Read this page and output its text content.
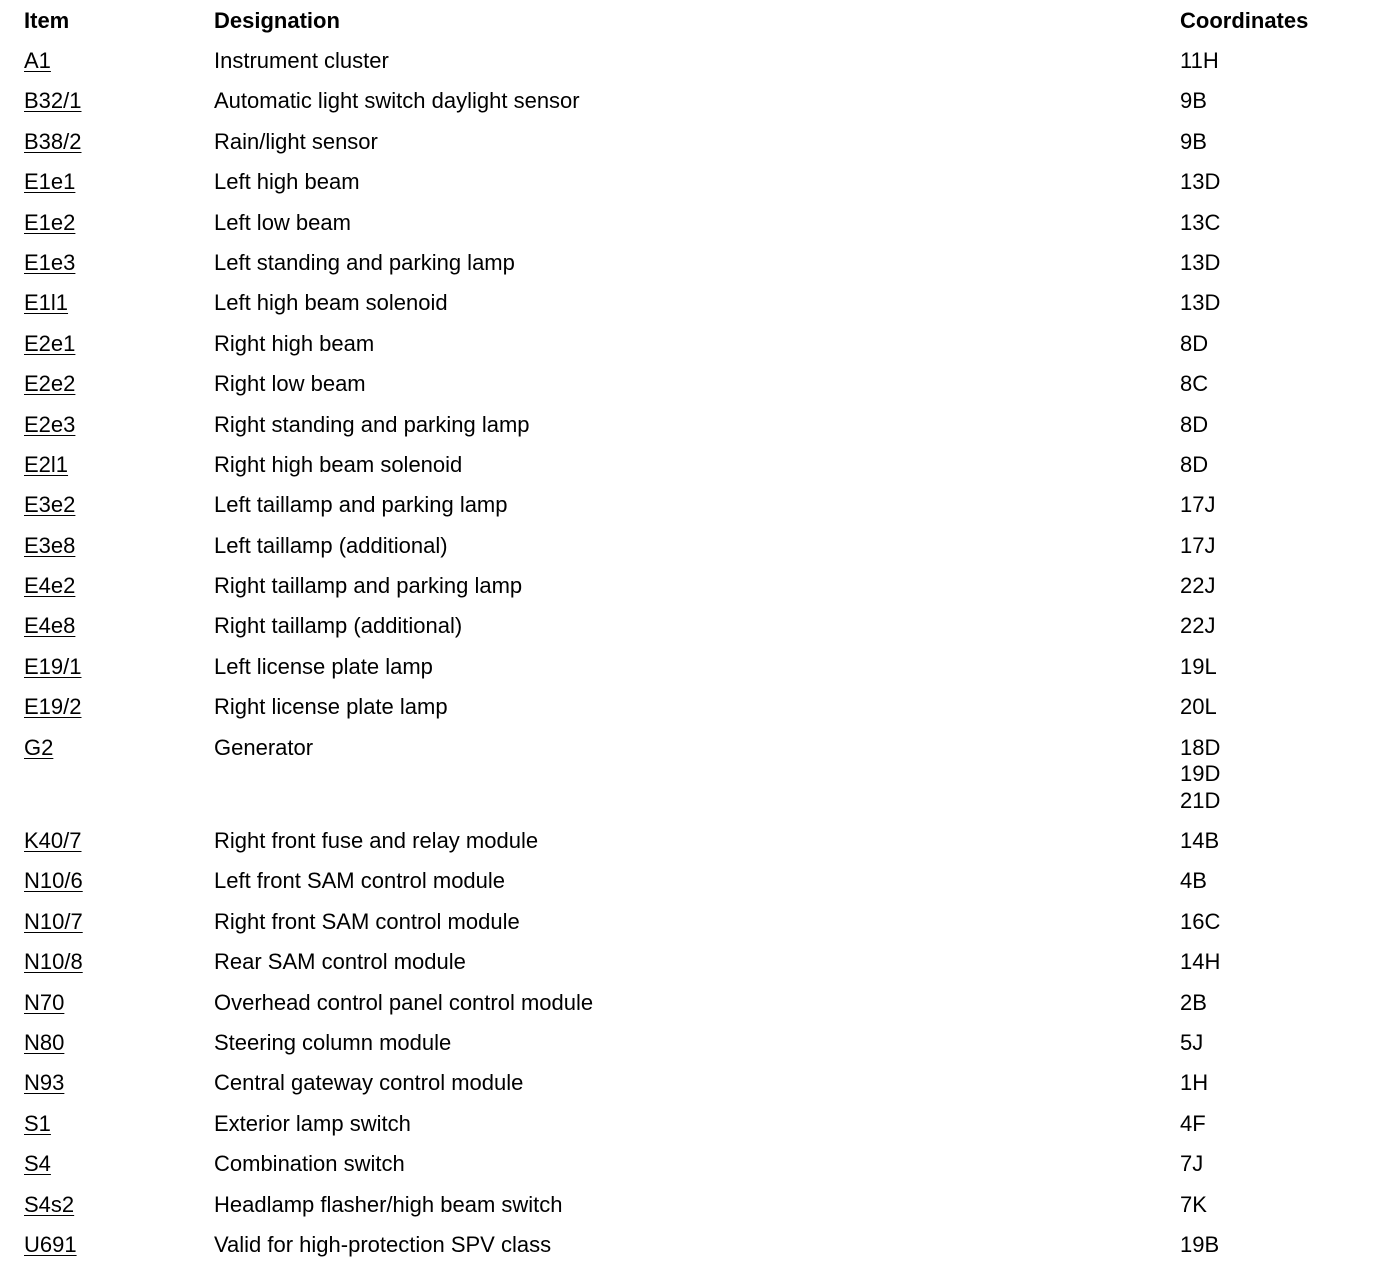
Item	Designation	Coordinates
A1	Instrument cluster	11H
B32/1	Automatic light switch daylight sensor	9B
B38/2	Rain/light sensor	9B
E1e1	Left high beam	13D
E1e2	Left low beam	13C
E1e3	Left standing and parking lamp	13D
E1l1	Left high beam solenoid	13D
E2e1	Right high beam	8D
E2e2	Right low beam	8C
E2e3	Right standing and parking lamp	8D
E2l1	Right high beam solenoid	8D
E3e2	Left taillamp and parking lamp	17J
E3e8	Left taillamp (additional)	17J
E4e2	Right taillamp and parking lamp	22J
E4e8	Right taillamp (additional)	22J
E19/1	Left license plate lamp	19L
E19/2	Right license plate lamp	20L
G2	Generator	18D
19D
21D
K40/7	Right front fuse and relay module	14B
N10/6	Left front SAM control module	4B
N10/7	Right front SAM control module	16C
N10/8	Rear SAM control module	14H
N70	Overhead control panel control module	2B
N80	Steering column module	5J
N93	Central gateway control module	1H
S1	Exterior lamp switch	4F
S4	Combination switch	7J
S4s2	Headlamp flasher/high beam switch	7K
U691	Valid for high-protection SPV class	19B
